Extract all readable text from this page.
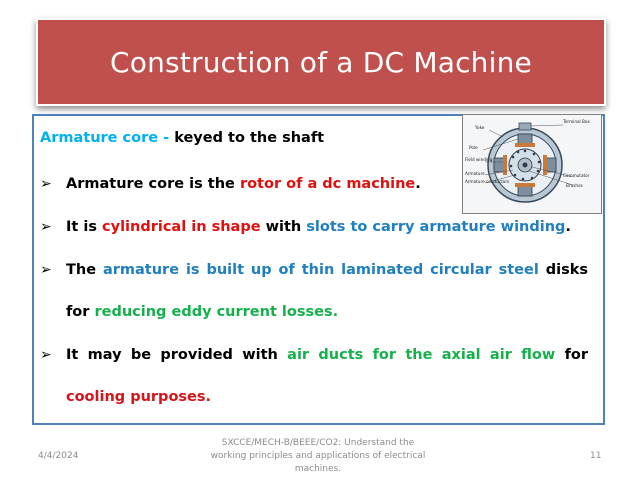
Construction of a DC Machine
Armature core - keyed to the shaft
➢ Armature core is the rotor of a dc machine.
➢ It is cylindrical in shape with slots to carry armature winding.
➢ The armature is built up of thin laminated circular steel disks
for reducing eddy current losses.
➢ It may be provided with air ducts for the axial air flow for
cooling purposes.
Yoke
Terminal Box
Pole
Field winding
Armature
Armature conductors
Commutator
Brushes
4/4/2024
SXCCE/MECH-B/BEEE/CO2: Understand the working principles and applications of electrical machines.
11
